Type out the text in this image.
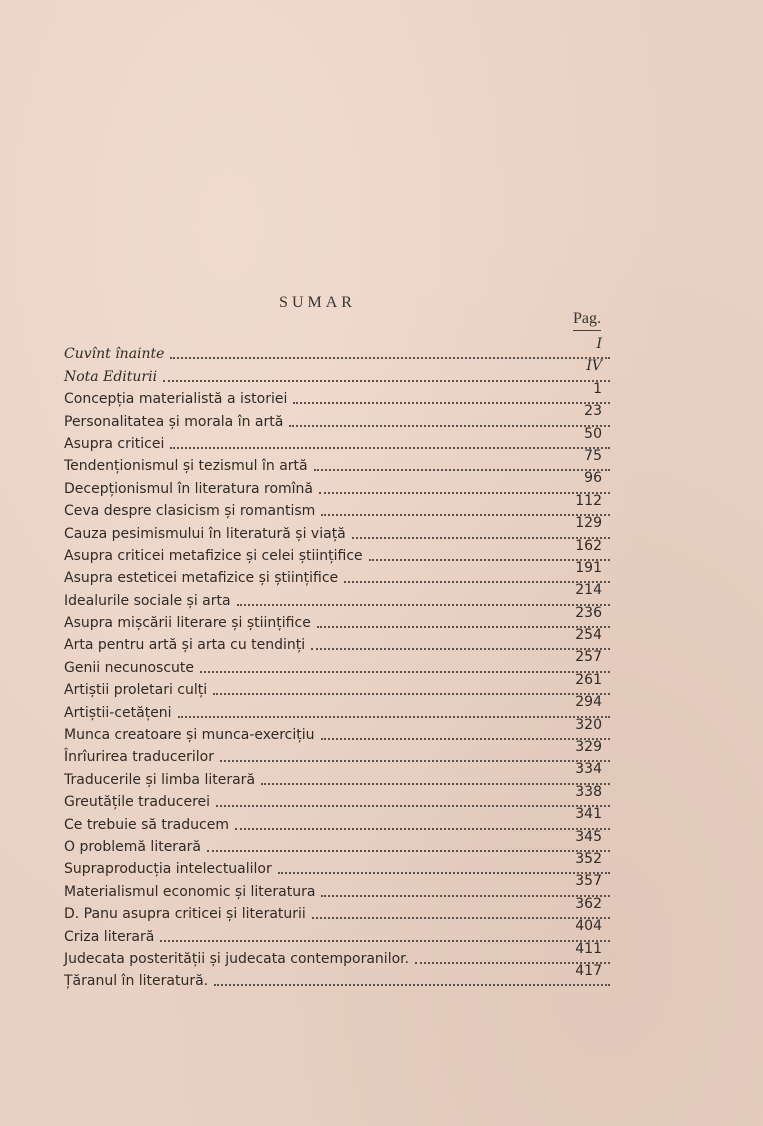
SUMAR
Pag.
Cuvînt înainte
I
Nota Editurii
IV
Concepția materialistă a istoriei
1
Personalitatea și morala în artă
23
Asupra criticei
50
Tendenționismul și tezismul în artă
75
Decepționismul în literatura romînă
96
Ceva despre clasicism și romantism
112
Cauza pesimismului în literatură și viață
129
Asupra criticei metafizice și celei științifice
162
Asupra esteticei metafizice și științifice
191
Idealurile sociale și arta
214
Asupra mișcării literare și științifice
236
Arta pentru artă și arta cu tendinți
254
Genii necunoscute
257
Artiștii proletari culți
261
Artiștii-cetățeni
294
Munca creatoare și munca-exercițiu
320
Înrîurirea traducerilor
329
Traducerile și limba literară
334
Greutățile traducerei
338
Ce trebuie să traducem
341
O problemă literară
345
Supraproducția intelectualilor
352
Materialismul economic și literatura
357
D. Panu asupra criticei și literaturii
362
Criza literară
404
Judecata posterității și judecata contemporanilor.
411
Țăranul în literatură.
417
